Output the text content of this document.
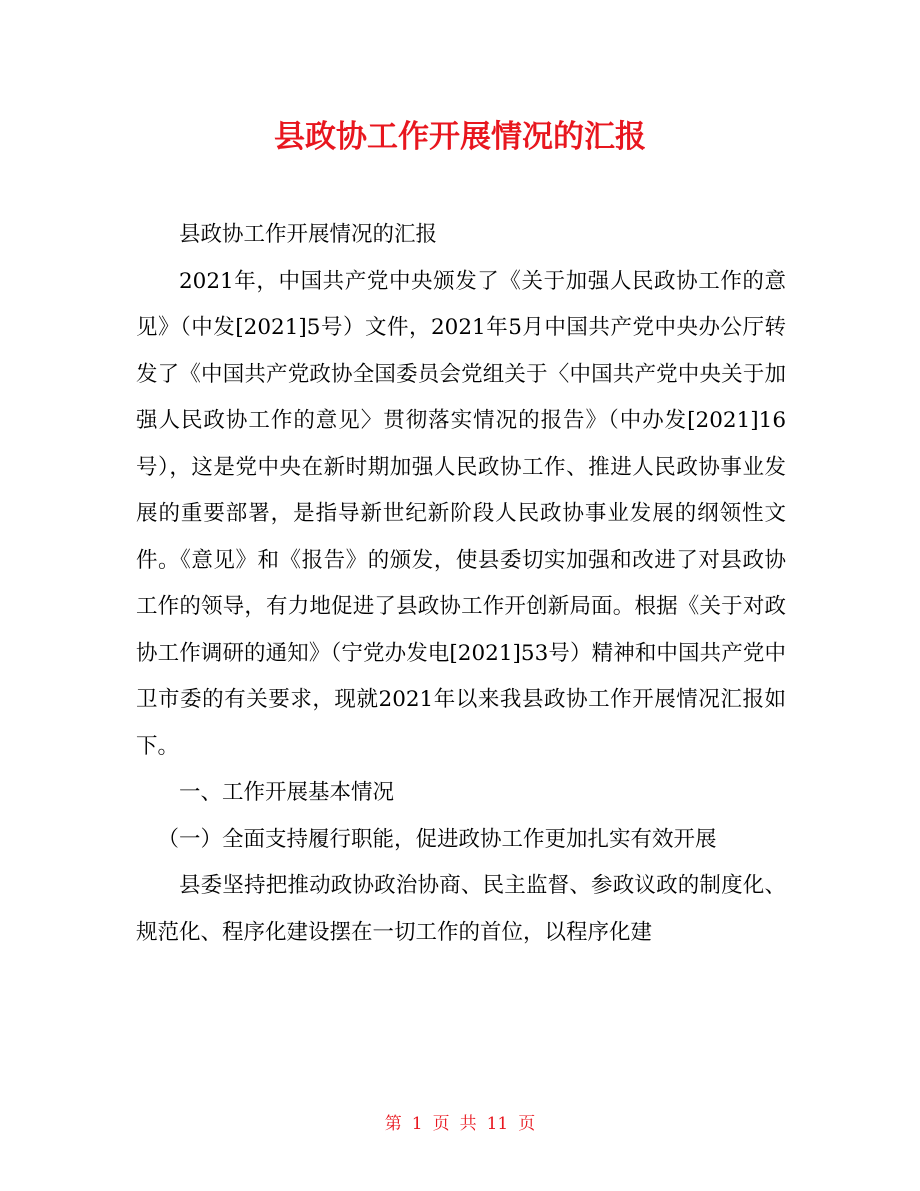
县政协工作开展情况的汇报

县政协工作开展情况的汇报

2021年，中国共产党中央颁发了《关于加强人民政协工作的意见》（中发[2021]5号）文件，2021年5月中国共产党中央办公厅转发了《中国共产党政协全国委员会党组关于〈中国共产党中央关于加强人民政协工作的意见〉贯彻落实情况的报告》（中办发[2021]16号），这是党中央在新时期加强人民政协工作、推进人民政协事业发展的重要部署，是指导新世纪新阶段人民政协事业发展的纲领性文件。《意见》和《报告》的颁发，使县委切实加强和改进了对县政协工作的领导，有力地促进了县政协工作开创新局面。根据《关于对政协工作调研的通知》（宁党办发电[2021]53号）精神和中国共产党中卫市委的有关要求，现就2021年以来我县政协工作开展情况汇报如下。

一、工作开展基本情况

（一）全面支持履行职能，促进政协工作更加扎实有效开展

县委坚持把推动政协政治协商、民主监督、参政议政的制度化、规范化、程序化建设摆在一切工作的首位，以程序化建

第 1 页 共 11 页
